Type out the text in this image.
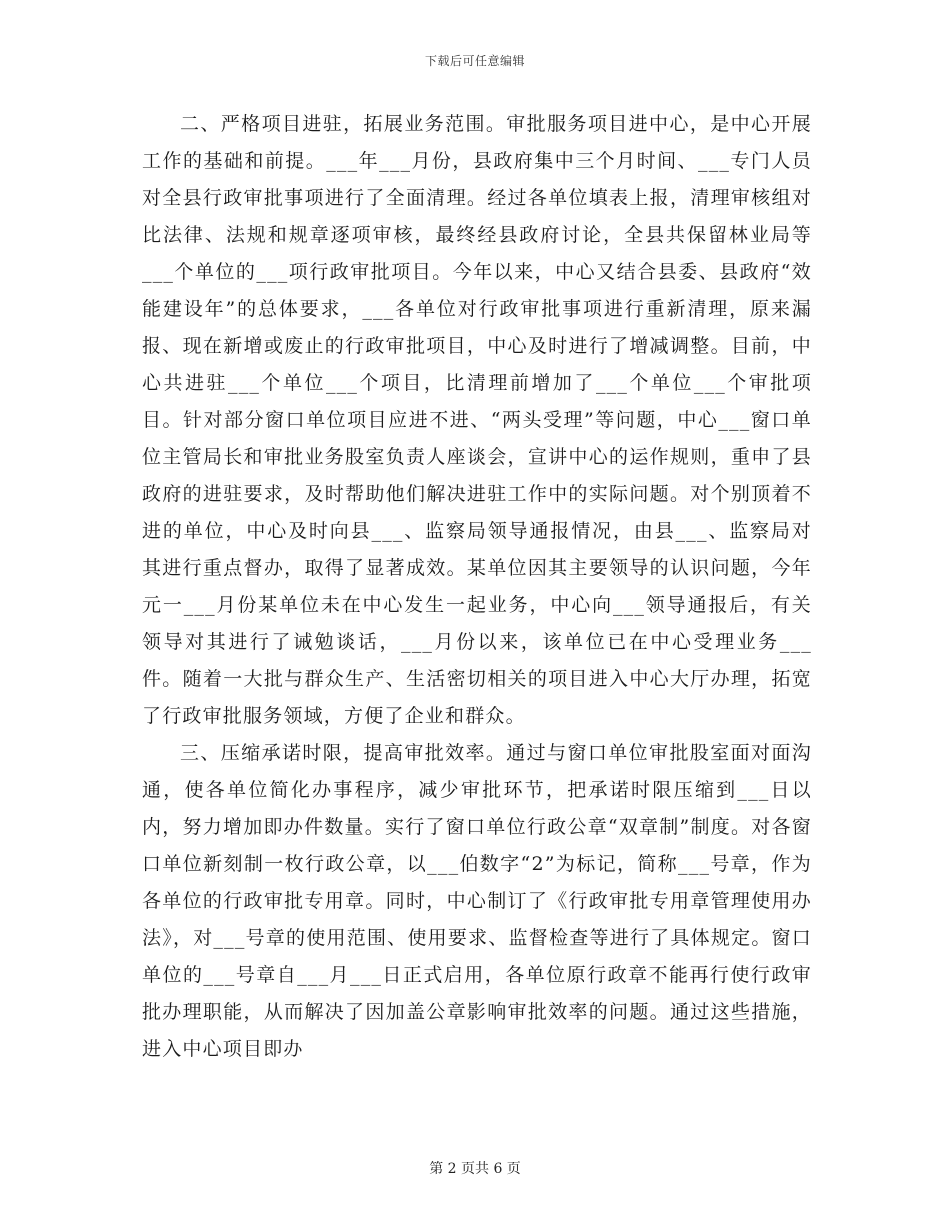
下载后可任意编辑

二、严格项目进驻，拓展业务范围。审批服务项目进中心，是中心开展工作的基础和前提。___年___月份，县政府集中三个月时间、___专门人员对全县行政审批事项进行了全面清理。经过各单位填表上报，清理审核组对比法律、法规和规章逐项审核，最终经县政府讨论，全县共保留林业局等___个单位的___项行政审批项目。今年以来，中心又结合县委、县政府“效能建设年”的总体要求，___各单位对行政审批事项进行重新清理，原来漏报、现在新增或废止的行政审批项目，中心及时进行了增减调整。目前，中心共进驻___个单位___个项目，比清理前增加了___个单位___个审批项目。针对部分窗口单位项目应进不进、“两头受理”等问题，中心___窗口单位主管局长和审批业务股室负责人座谈会，宣讲中心的运作规则，重申了县政府的进驻要求，及时帮助他们解决进驻工作中的实际问题。对个别顶着不进的单位，中心及时向县___、监察局领导通报情况，由县___、监察局对其进行重点督办，取得了显著成效。某单位因其主要领导的认识问题，今年元一___月份某单位未在中心发生一起业务，中心向___领导通报后，有关领导对其进行了诫勉谈话，___月份以来，该单位已在中心受理业务___件。随着一大批与群众生产、生活密切相关的项目进入中心大厅办理，拓宽了行政审批服务领域，方便了企业和群众。

三、压缩承诺时限，提高审批效率。通过与窗口单位审批股室面对面沟通，使各单位简化办事程序，减少审批环节，把承诺时限压缩到___日以内，努力增加即办件数量。实行了窗口单位行政公章“双章制”制度。对各窗口单位新刻制一枚行政公章，以___伯数字“2”为标记，简称___号章，作为各单位的行政审批专用章。同时，中心制订了《行政审批专用章管理使用办法》，对___号章的使用范围、使用要求、监督检查等进行了具体规定。窗口单位的___号章自___月___日正式启用，各单位原行政章不能再行使行政审批办理职能，从而解决了因加盖公章影响审批效率的问题。通过这些措施，进入中心项目即办

第 2 页共 6 页
